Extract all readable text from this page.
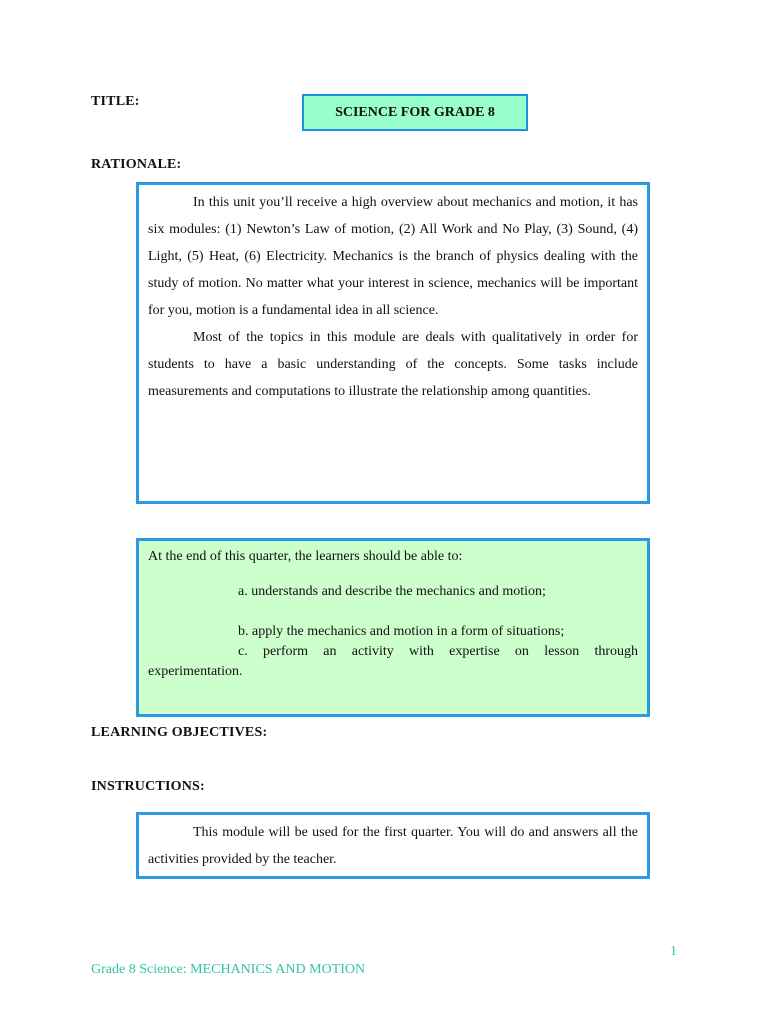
TITLE:
SCIENCE FOR GRADE 8
RATIONALE:

In this unit you’ll receive a high overview about mechanics and motion, it has six modules: (1) Newton’s Law of motion, (2) All Work and No Play, (3) Sound, (4) Light, (5) Heat, (6) Electricity. Mechanics is the branch of physics dealing with the study of motion. No matter what your interest in science, mechanics will be important for you, motion is a fundamental idea in all science.

Most of the topics in this module are deals with qualitatively in order for students to have a basic understanding of the concepts. Some tasks include measurements and computations to illustrate the relationship among quantities.

At the end of this quarter, the learners should be able to:

a. understands and describe the mechanics and motion;

b. apply the mechanics and motion in a form of situations;

c. perform an activity with expertise on lesson through experimentation.

LEARNING OBJECTIVES:
INSTRUCTIONS:

This module will be used for the first quarter. You will do and answers all the activities provided by the teacher.

1
Grade 8 Science: MECHANICS AND MOTION
